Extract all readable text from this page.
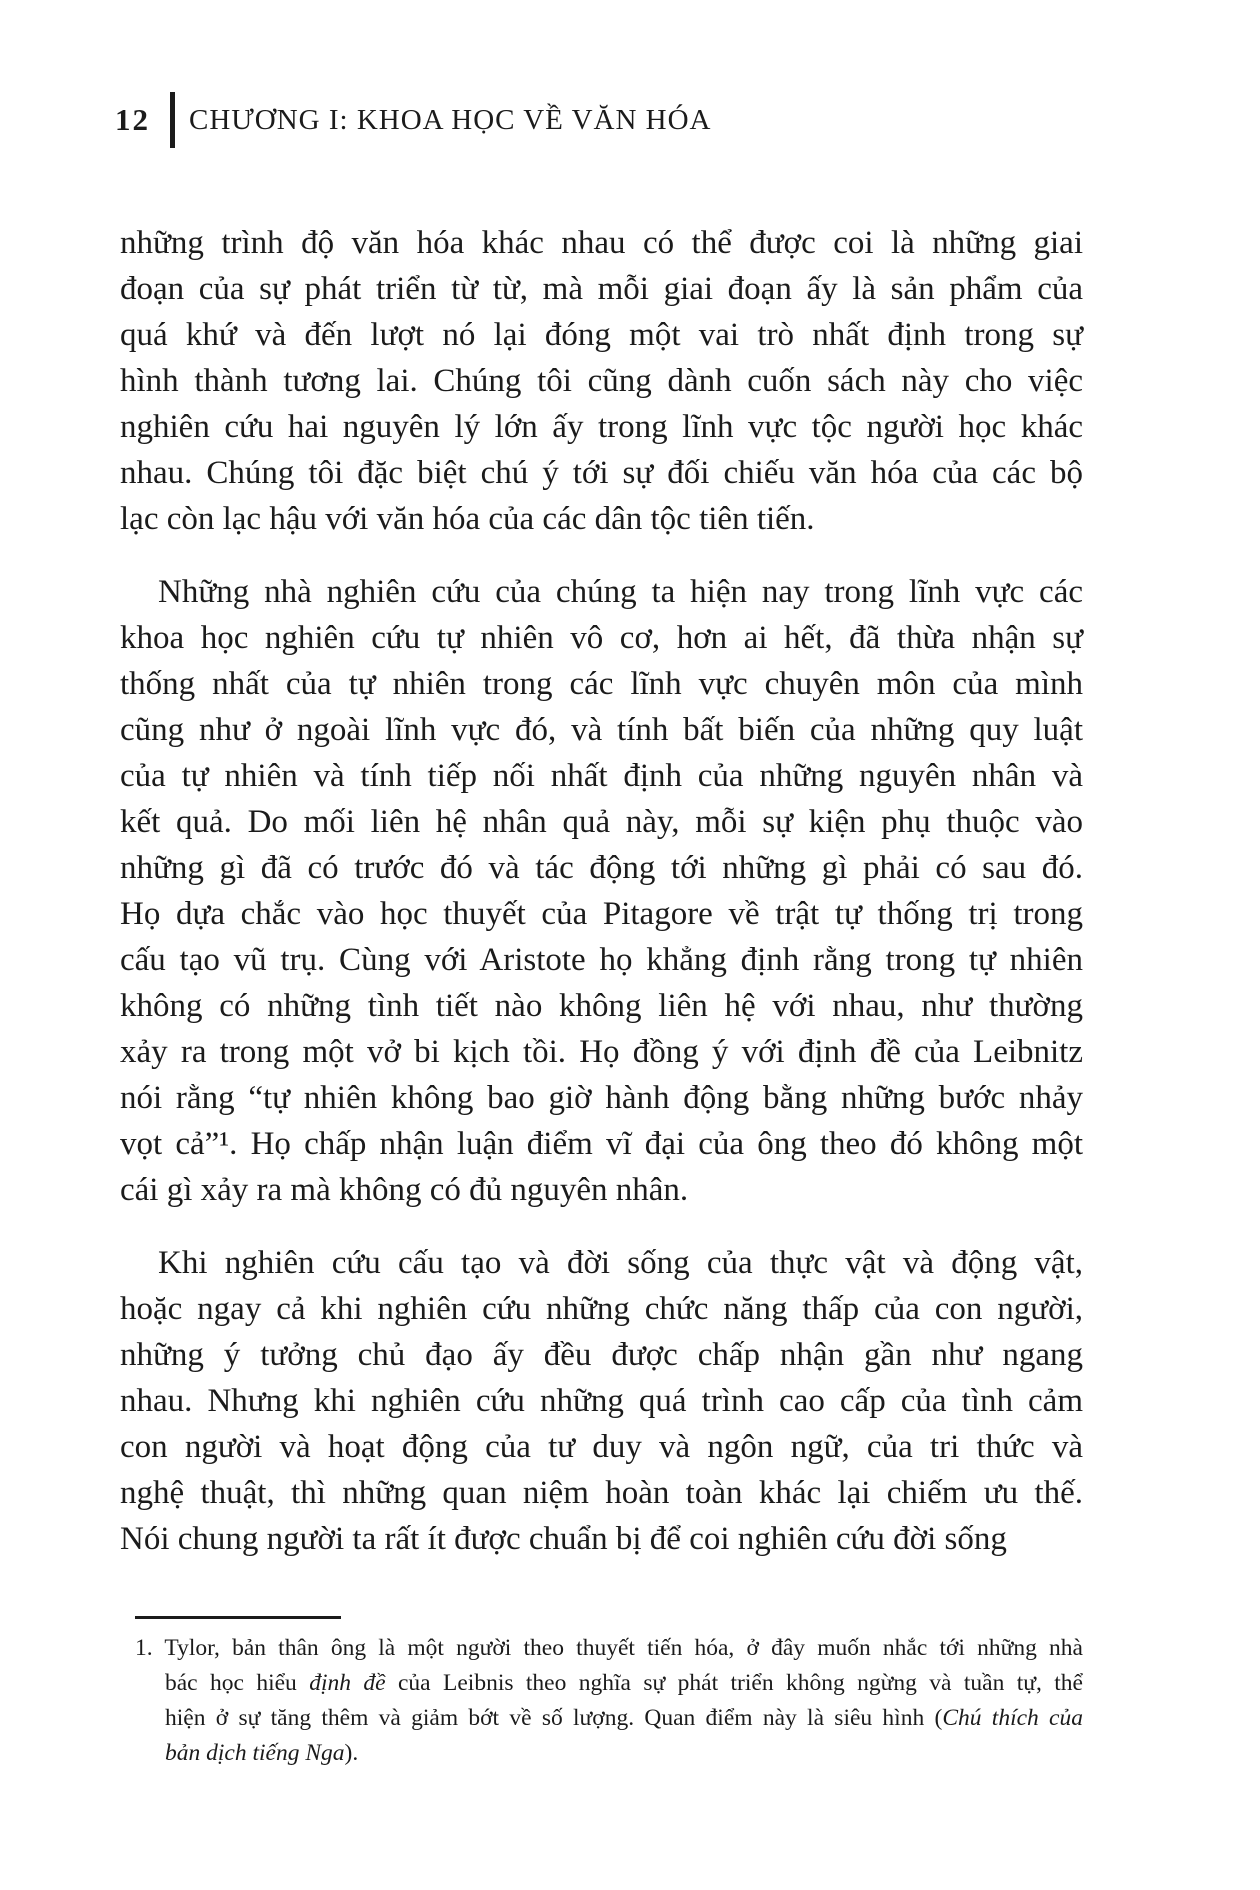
12 CHƯƠNG I: KHOA HỌC VỀ VĂN HÓA
những trình độ văn hóa khác nhau có thể được coi là những giai
đoạn của sự phát triển từ từ, mà mỗi giai đoạn ấy là sản phẩm của
quá khứ và đến lượt nó lại đóng một vai trò nhất định trong sự
hình thành tương lai. Chúng tôi cũng dành cuốn sách này cho việc
nghiên cứu hai nguyên lý lớn ấy trong lĩnh vực tộc người học khác
nhau. Chúng tôi đặc biệt chú ý tới sự đối chiếu văn hóa của các bộ
lạc còn lạc hậu với văn hóa của các dân tộc tiên tiến.
Những nhà nghiên cứu của chúng ta hiện nay trong lĩnh vực các
khoa học nghiên cứu tự nhiên vô cơ, hơn ai hết, đã thừa nhận sự
thống nhất của tự nhiên trong các lĩnh vực chuyên môn của mình
cũng như ở ngoài lĩnh vực đó, và tính bất biến của những quy luật
của tự nhiên và tính tiếp nối nhất định của những nguyên nhân và
kết quả. Do mối liên hệ nhân quả này, mỗi sự kiện phụ thuộc vào
những gì đã có trước đó và tác động tới những gì phải có sau đó.
Họ dựa chắc vào học thuyết của Pitagore về trật tự thống trị trong
cấu tạo vũ trụ. Cùng với Aristote họ khẳng định rằng trong tự nhiên
không có những tình tiết nào không liên hệ với nhau, như thường
xảy ra trong một vở bi kịch tồi. Họ đồng ý với định đề của Leibnitz
nói rằng “tự nhiên không bao giờ hành động bằng những bước nhảy
vọt cả”¹. Họ chấp nhận luận điểm vĩ đại của ông theo đó không một
cái gì xảy ra mà không có đủ nguyên nhân.
Khi nghiên cứu cấu tạo và đời sống của thực vật và động vật,
hoặc ngay cả khi nghiên cứu những chức năng thấp của con người,
những ý tưởng chủ đạo ấy đều được chấp nhận gần như ngang
nhau. Nhưng khi nghiên cứu những quá trình cao cấp của tình cảm
con người và hoạt động của tư duy và ngôn ngữ, của tri thức và
nghệ thuật, thì những quan niệm hoàn toàn khác lại chiếm ưu thế.
Nói chung người ta rất ít được chuẩn bị để coi nghiên cứu đời sống
1. Tylor, bản thân ông là một người theo thuyết tiến hóa, ở đây muốn nhắc tới những nhà
bác học hiểu định đề của Leibnis theo nghĩa sự phát triển không ngừng và tuần tự, thể
hiện ở sự tăng thêm và giảm bớt về số lượng. Quan điểm này là siêu hình (Chú thích của
bản dịch tiếng Nga).
